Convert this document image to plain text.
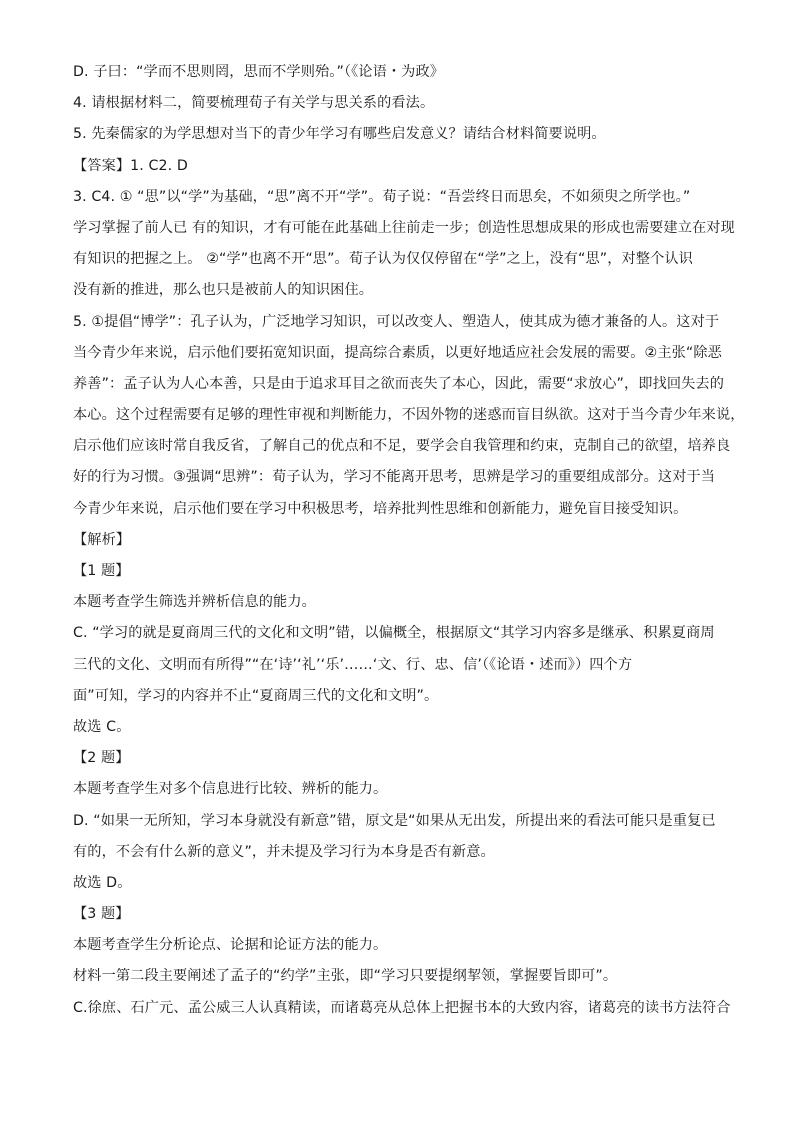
D. 子曰：“学而不思则罔，思而不学则殆。”（《论语・为政》

4. 请根据材料二，简要梳理荀子有关学与思关系的看法。

5. 先秦儒家的为学思想对当下的青少年学习有哪些启发意义？请结合材料简要说明。

【答案】1. C2. D

3. C4. ① “思”以“学”为基础，“思”离不开“学”。荀子说：“吾尝终日而思矣，不如须臾之所学也。”

学习掌握了前人已 有的知识，才有可能在此基础上往前走一步；创造性思想成果的形成也需要建立在对现

有知识的把握之上。 ②“学”也离不开“思”。荀子认为仅仅停留在“学”之上，没有“思”，对整个认识

没有新的推进，那么也只是被前人的知识困住。

5. ①提倡“博学”：孔子认为，广泛地学习知识，可以改变人、塑造人，使其成为德才兼备的人。这对于

当今青少年来说，启示他们要拓宽知识面，提高综合素质，以更好地适应社会发展的需要。②主张“除恶

养善”：孟子认为人心本善，只是由于追求耳目之欲而丧失了本心，因此，需要“求放心”，即找回失去的

本心。这个过程需要有足够的理性审视和判断能力，不因外物的迷惑而盲目纵欲。这对于当今青少年来说，

启示他们应该时常自我反省，了解自己的优点和不足，要学会自我管理和约束，克制自己的欲望，培养良

好的行为习惯。③强调“思辨”：荀子认为，学习不能离开思考，思辨是学习的重要组成部分。这对于当

今青少年来说，启示他们要在学习中积极思考，培养批判性思维和创新能力，避免盲目接受知识。

【解析】

【1 题】

本题考查学生筛选并辨析信息的能力。

C. “学习的就是夏商周三代的文化和文明”错，以偏概全，根据原文“其学习内容多是继承、积累夏商周

三代的文化、文明而有所得”“在‘诗’‘礼’‘乐’……‘文、行、忠、信’（《论语・述而》）四个方

面”可知，学习的内容并不止“夏商周三代的文化和文明”。

故选 C。

【2 题】

本题考查学生对多个信息进行比较、辨析的能力。

D. “如果一无所知，学习本身就没有新意”错，原文是“如果从无出发，所提出来的看法可能只是重复已

有的，不会有什么新的意义”，并未提及学习行为本身是否有新意。

故选 D。

【3 题】

本题考查学生分析论点、论据和论证方法的能力。

材料一第二段主要阐述了孟子的“约学”主张，即“学习只要提纲挈领，掌握要旨即可”。

C.徐庶、石广元、孟公威三人认真精读，而诸葛亮从总体上把握书本的大致内容，诸葛亮的读书方法符合
